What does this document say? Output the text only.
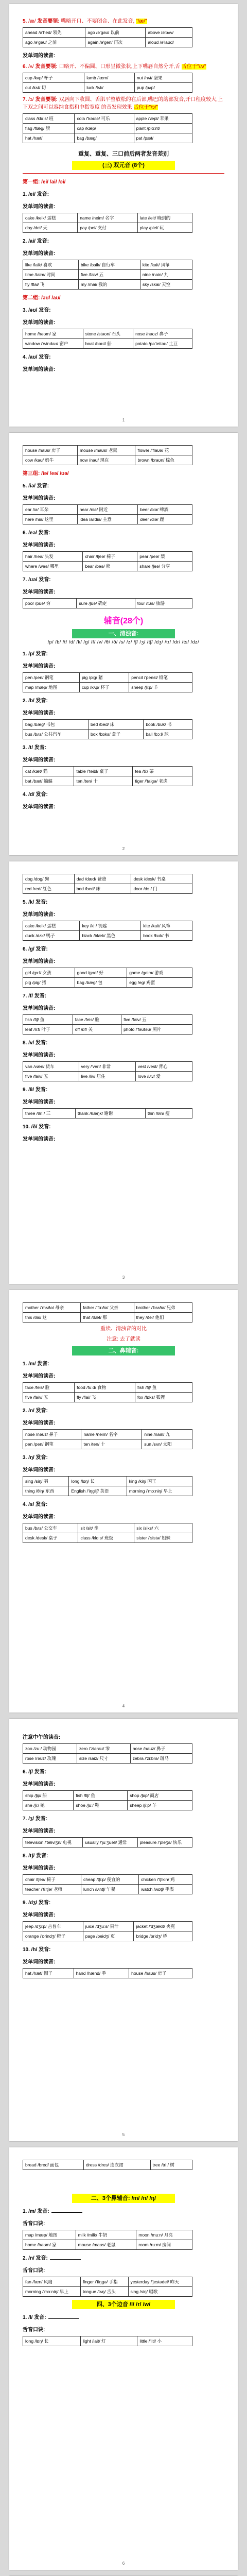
5. /æ/ 发音要领: 嘴略开口、不要闭合、在此发音, "/æ/"
ahead /ə'hed/ 领先	ago /ə'gəʊ/ 以前	above /ə'bʌv/
ago /ə'gəʊ/ 之前	again /ə'gen/ 再次	aloud /ə'laʊd/
发单词的读音:
6. /ʌ/ 发音要领: 口略开、不偏圆、口形呈微张状,上下嘴唇自然分开,舌 舌位于"/ʌ/"
cup /kʌp/ 杯子	lamb /læm/	nut /nʌt/ 坚果
cut /kʌt/ 切	luck /lʌk/	pup /pʌp/
7. /ɔ/ 发音要领: 双唇向下收圆、舌肌平整放松的在后部,嘴巴的韵部发音,开口程度较大,上下双之间可以容纳食指和中指宽度 的音发现效果 舌位于"/ɔ/"
class /klɑːs/ 班	cola /'kəʊlə/ 可乐	apple /'æpl/ 苹果
flag /flæɡ/ 旗	cap /kæp/	plant /plɑːnt/
hat /hæt/	bag /bæɡ/	pat /pæt/
重复、重复、三口前后两者发音差别
(三) 双元音 (8个)
第一组: /ei/ /ai/ /ɔi/
1. /ei/ 发音:
发单词的读音:
cake /keik/ 蛋糕	name /neim/ 名字	late /leit/ 晚到的
day /dei/ 天	pay /pei/ 支付	play /plei/ 玩
2. /ai/ 发音:
发单词的读音:
like /laik/ 喜欢	bike /baik/ 自行车	kite /kait/ 风筝
time /taim/ 时间	five /faiv/ 五	nine /nain/ 九
fly /flai/ 飞	my /mai/ 我的	sky /skai/ 天空
第二组: /əʊ/ /aʊ/
3. /əʊ/ 发音:
发单词的读音:
home /həʊm/ 家	stone /stəʊn/ 石头	nose /nəʊz/ 鼻子
window /'windəʊ/ 窗户	boat /bəʊt/ 船	potato /pə'teitəʊ/ 土豆
4. /aʊ/ 发音:
发单词的读音:
1
house /haʊs/ 房子	mouse /maʊs/ 老鼠	flower /'flaʊə/ 花
cow /kaʊ/ 奶牛	now /naʊ/ 现在	brown /braʊn/ 棕色
第三组: /iə/ /eə/ /ʊə/
5. /iə/ 发音:
发单词的读音:
ear /iə/ 耳朵	near /niə/ 附近	beer /biə/ 啤酒
here /hiə/ 这里	idea /ai'diə/ 主意	deer /diə/ 鹿
6. /eə/ 发音:
发单词的读音:
hair /heə/ 头发	chair /tʃeə/ 椅子	pear /peə/ 梨
where /weə/ 哪里	bear /beə/ 熊	share /ʃeə/ 分享
7. /ʊə/ 发音:
发单词的读音:
poor /pʊə/ 穷	sure /ʃʊə/ 确定	tour /tʊə/ 旅游
辅音(28个)
一、清浊音:
/p/ /b/ /t/ /d/ /k/ /g/ /f/ /v/ /θ/ /ð/ /s/ /z/ /ʃ/ /ʒ/ /tʃ/ /dʒ/ /tr/ /dr/ /ts/ /dz/
1. /p/ 发音:
发单词的读音:
pen /pen/ 钢笔	pig /pig/ 猪	pencil /'pensl/ 铅笔
map /mæp/ 地图	cup /kʌp/ 杯子	sheep /ʃiːp/ 羊
2. /b/ 发音:
发单词的读音:
bag /bæɡ/ 书包	bed /bed/ 床	book /bʊk/ 书
bus /bʌs/ 公共汽车	box /bɒks/ 盒子	ball /bɔːl/ 球
3. /t/ 发音:
发单词的读音:
cat /kæt/ 猫	table /'teibl/ 桌子	tea /tiː/ 茶
bat /bæt/ 蝙蝠	ten /ten/ 十	tiger /'taigə/ 老虎
4. /d/ 发音:
发单词的读音:
2
dog /dɒg/ 狗	dad /dæd/ 爸爸	desk /desk/ 书桌
red /red/ 红色	bed /bed/ 床	door /dɔː/ 门
5. /k/ 发音:
发单词的读音:
cake /keik/ 蛋糕	key /kiː/ 钥匙	kite /kait/ 风筝
duck /dʌk/ 鸭子	black /blæk/ 黑色	book /bʊk/ 书
6. /g/ 发音:
发单词的读音:
girl /gɜːl/ 女孩	good /gʊd/ 好	game /geim/ 游戏
pig /pig/ 猪	bag /bæg/ 包	egg /eg/ 鸡蛋
7. /f/ 发音:
发单词的读音:
fish /fiʃ/ 鱼	face /feis/ 脸	five /faiv/ 五
leaf /liːf/ 叶子	off /ɒf/ 关	photo /'fəʊtəʊ/ 照片
8. /v/ 发音:
发单词的读音:
van /væn/ 货车	very /'veri/ 非常	vest /vest/ 背心
five /faiv/ 五	live /liv/ 居住	love /lʌv/ 爱
9. /θ/ 发音:
发单词的读音:
three /θriː/ 三	thank /θæŋk/ 谢谢	thin /θin/ 瘦
10. /ð/ 发音:
发单词的读音:
3
mother /'mʌðə/ 母亲	father /'fɑːðə/ 父亲	brother /'brʌðə/ 兄弟
this /ðis/ 这	that /ðæt/ 那	they /ðei/ 他们
重读、清浊音的对比
注意: 去了就读
二、鼻辅音:
1. /m/ 发音:
发单词的读音:
face /feis/ 脸	food /fuːd/ 食物	fish /fiʃ/ 鱼
five /faiv/ 五	fly /flai/ 飞	fox /fɒks/ 狐狸
2. /n/ 发音:
发单词的读音:
nose /nəʊz/ 鼻子	name /neim/ 名字	nine /nain/ 九
pen /pen/ 钢笔	ten /ten/ 十	sun /sʌn/ 太阳
3. /ŋ/ 发音:
发单词的读音:
sing /siŋ/ 唱	long /lɒŋ/ 长	king /kiŋ/ 国王
thing /θiŋ/ 东西	English /'iŋgliʃ/ 英语	morning /'mɔːniŋ/ 早上
4. /s/ 发音:
发单词的读音:
bus /bʌs/ 公交车	sit /sit/ 坐	six /siks/ 六
desk /desk/ 桌子	class /klɑːs/ 班级	sister /'sistə/ 姐妹
4
注意中午的读音:
zoo /zuː/ 动物园	zero /'ziərəʊ/ 零	nose /nəʊz/ 鼻子
rose /rəʊz/ 玫瑰	size /saiz/ 尺寸	zebra /'ziːbrə/ 斑马
6. /ʃ/ 发音:
发单词的读音:
ship /ʃip/ 船	fish /fiʃ/ 鱼	shop /ʃɒp/ 商店
she /ʃiː/ 她	shoe /ʃuː/ 鞋	sheep /ʃiːp/ 羊
7. /ʒ/ 发音:
发单词的读音:
television /'teliviʒn/ 电视	usually /'juːʒuəli/ 通常	pleasure /'pleʒə/ 快乐
8. /tʃ/ 发音:
发单词的读音:
chair /tʃeə/ 椅子	cheap /tʃiːp/ 便宜的	chicken /'tʃikin/ 鸡
teacher /'tiːtʃə/ 老师	lunch /lʌntʃ/ 午餐	watch /wɒtʃ/ 手表
9. /dʒ/ 发音:
发单词的读音:
jeep /dʒiːp/ 吉普车	juice /dʒuːs/ 果汁	jacket /'dʒækit/ 夹克
orange /'ɒrindʒ/ 橙子	page /peidʒ/ 页	bridge /bridʒ/ 桥
10. /h/ 发音:
发单词的读音:
hat /hæt/ 帽子	hand /hænd/ 手	house /haʊs/ 房子
5
bread /bred/ 面包	dress /dres/ 连衣裙	tree /triː/ 树
二、3个鼻辅音: /m/ /n/ /ŋ/
1. /m/ 发音:
舌音口诀:
map /mæp/ 地图	milk /milk/ 牛奶	moon /muːn/ 月亮
home /həʊm/ 家	mouse /maʊs/ 老鼠	room /ruːm/ 房间
2. /n/ 发音:
舌音口诀:
fan /fæn/ 风扇	finger /'fiŋgə/ 手指	yesterday /'jestədei/ 昨天
morning /'mɔːniŋ/ 早上	tongue /tʌŋ/ 舌头	sing /siŋ/ 唱歌
四、3个边音 /l/ /r/ /w/
1. /l/ 发音:
舌音口诀:
long /lɒŋ/ 长	light /lait/ 灯	little /'litl/ 小
6
